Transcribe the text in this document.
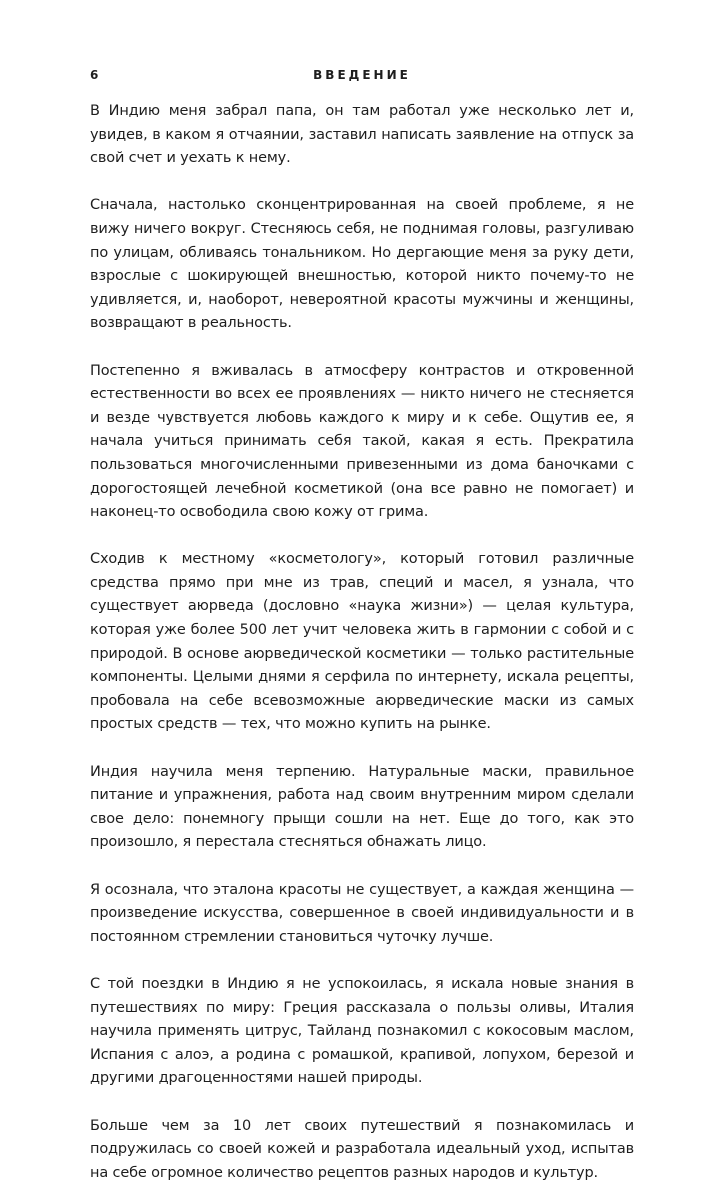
6	ВВЕДЕНИЕ

В Индию меня забрал папа, он там работал уже несколько лет и, увидев, в каком я отчаянии, заставил написать заявление на отпуск за свой счет и уехать к нему.

Сначала, настолько сконцентрированная на своей проблеме, я не вижу ничего вокруг. Стесняюсь себя, не поднимая головы, разгуливаю по улицам, обливаясь тональником. Но дергающие меня за руку дети, взрослые с шокирующей внешностью, которой никто почему-то не удивляется, и, наоборот, невероятной красоты мужчины и женщины, возвращают в реальность.

Постепенно я вживалась в атмосферу контрастов и откровенной естественности во всех ее проявлениях — никто ничего не стесняется и везде чувствуется любовь каждого к миру и к себе. Ощутив ее, я начала учиться принимать себя такой, какая я есть. Прекратила пользоваться многочисленными привезенными из дома баночками с дорогостоящей лечебной косметикой (она все равно не помогает) и наконец-то освободила свою кожу от грима.

Сходив к местному «косметологу», который готовил различные средства прямо при мне из трав, специй и масел, я узнала, что существует аюрведа (дословно «наука жизни») — целая культура, которая уже более 500 лет учит человека жить в гармонии с собой и с природой. В основе аюрведической косметики — только растительные компоненты. Целыми днями я серфила по интернету, искала рецепты, пробовала на себе всевозможные аюрведические маски из самых простых средств — тех, что можно купить на рынке.

Индия научила меня терпению. Натуральные маски, правильное питание и упражнения, работа над своим внутренним миром сделали свое дело: понемногу прыщи сошли на нет. Еще до того, как это произошло, я перестала стесняться обнажать лицо.

Я осознала, что эталона красоты не существует, а каждая женщина — произведение искусства, совершенное в своей индивидуальности и в постоянном стремлении становиться чуточку лучше.

С той поездки в Индию я не успокоилась, я искала новые знания в путешествиях по миру: Греция рассказала о пользы оливы, Италия научила применять цитрус, Тайланд познакомил с кокосовым маслом, Испания с алоэ, а родина с ромашкой, крапивой, лопухом, березой и другими драгоценностями нашей природы.

Больше чем за 10 лет своих путешествий я познакомилась и подружилась со своей кожей и разработала идеальный уход, испытав на себе огромное количество рецептов разных народов и культур.
